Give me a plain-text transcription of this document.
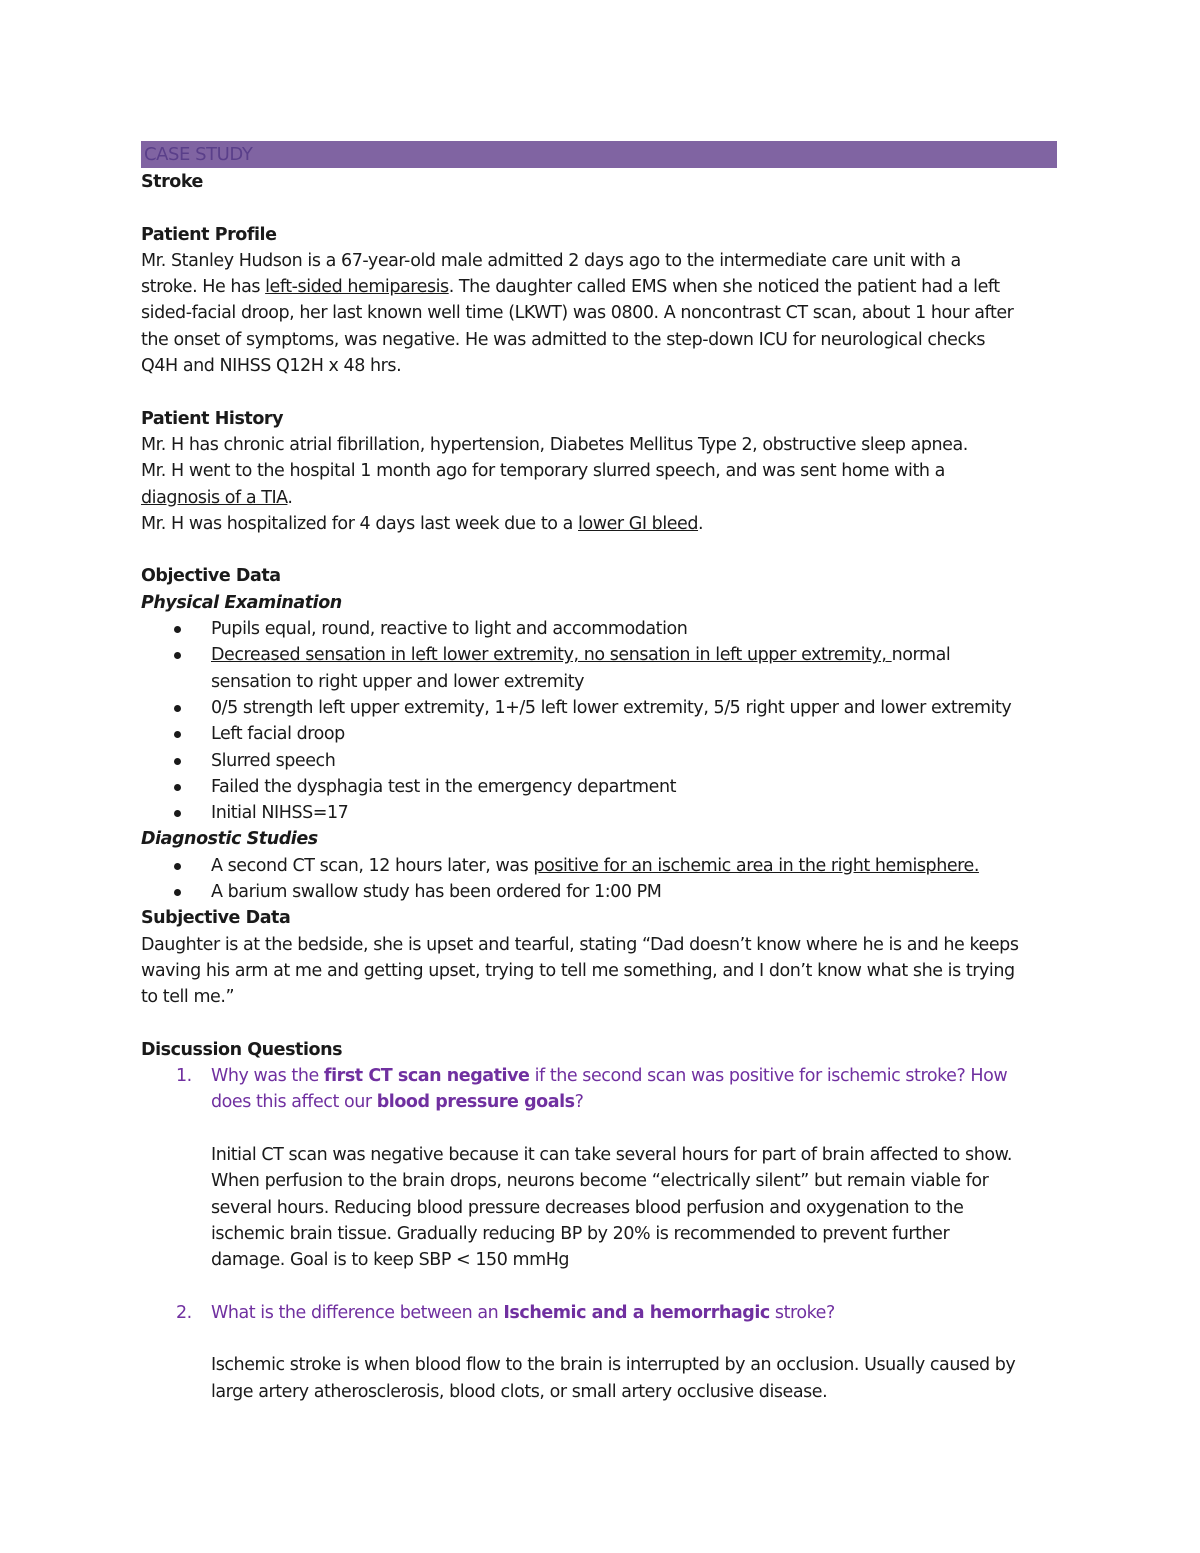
CASE STUDY
Stroke
Patient Profile
Mr. Stanley Hudson is a 67-year-old male admitted 2 days ago to the intermediate care unit with a
stroke. He has left-sided hemiparesis. The daughter called EMS when she noticed the patient had a left
sided-facial droop, her last known well time (LKWT) was 0800. A noncontrast CT scan, about 1 hour after
the onset of symptoms, was negative. He was admitted to the step-down ICU for neurological checks
Q4H and NIHSS Q12H x 48 hrs.
Patient History
Mr. H has chronic atrial fibrillation, hypertension, Diabetes Mellitus Type 2, obstructive sleep apnea.
Mr. H went to the hospital 1 month ago for temporary slurred speech, and was sent home with a
diagnosis of a TIA.
Mr. H was hospitalized for 4 days last week due to a lower GI bleed.
Objective Data
Physical Examination
Pupils equal, round, reactive to light and accommodation
Decreased sensation in left lower extremity, no sensation in left upper extremity, normal
sensation to right upper and lower extremity
0/5 strength left upper extremity, 1+/5 left lower extremity, 5/5 right upper and lower extremity
Left facial droop
Slurred speech
Failed the dysphagia test in the emergency department
Initial NIHSS=17
Diagnostic Studies
A second CT scan, 12 hours later, was positive for an ischemic area in the right hemisphere.
A barium swallow study has been ordered for 1:00 PM
Subjective Data
Daughter is at the bedside, she is upset and tearful, stating “Dad doesn’t know where he is and he keeps
waving his arm at me and getting upset, trying to tell me something, and I don’t know what she is trying
to tell me.”
Discussion Questions
1. Why was the first CT scan negative if the second scan was positive for ischemic stroke? How
does this affect our blood pressure goals?
Initial CT scan was negative because it can take several hours for part of brain affected to show.
When perfusion to the brain drops, neurons become “electrically silent” but remain viable for
several hours. Reducing blood pressure decreases blood perfusion and oxygenation to the
ischemic brain tissue. Gradually reducing BP by 20% is recommended to prevent further
damage. Goal is to keep SBP < 150 mmHg
2. What is the difference between an Ischemic and a hemorrhagic stroke?
Ischemic stroke is when blood flow to the brain is interrupted by an occlusion. Usually caused by
large artery atherosclerosis, blood clots, or small artery occlusive disease.
